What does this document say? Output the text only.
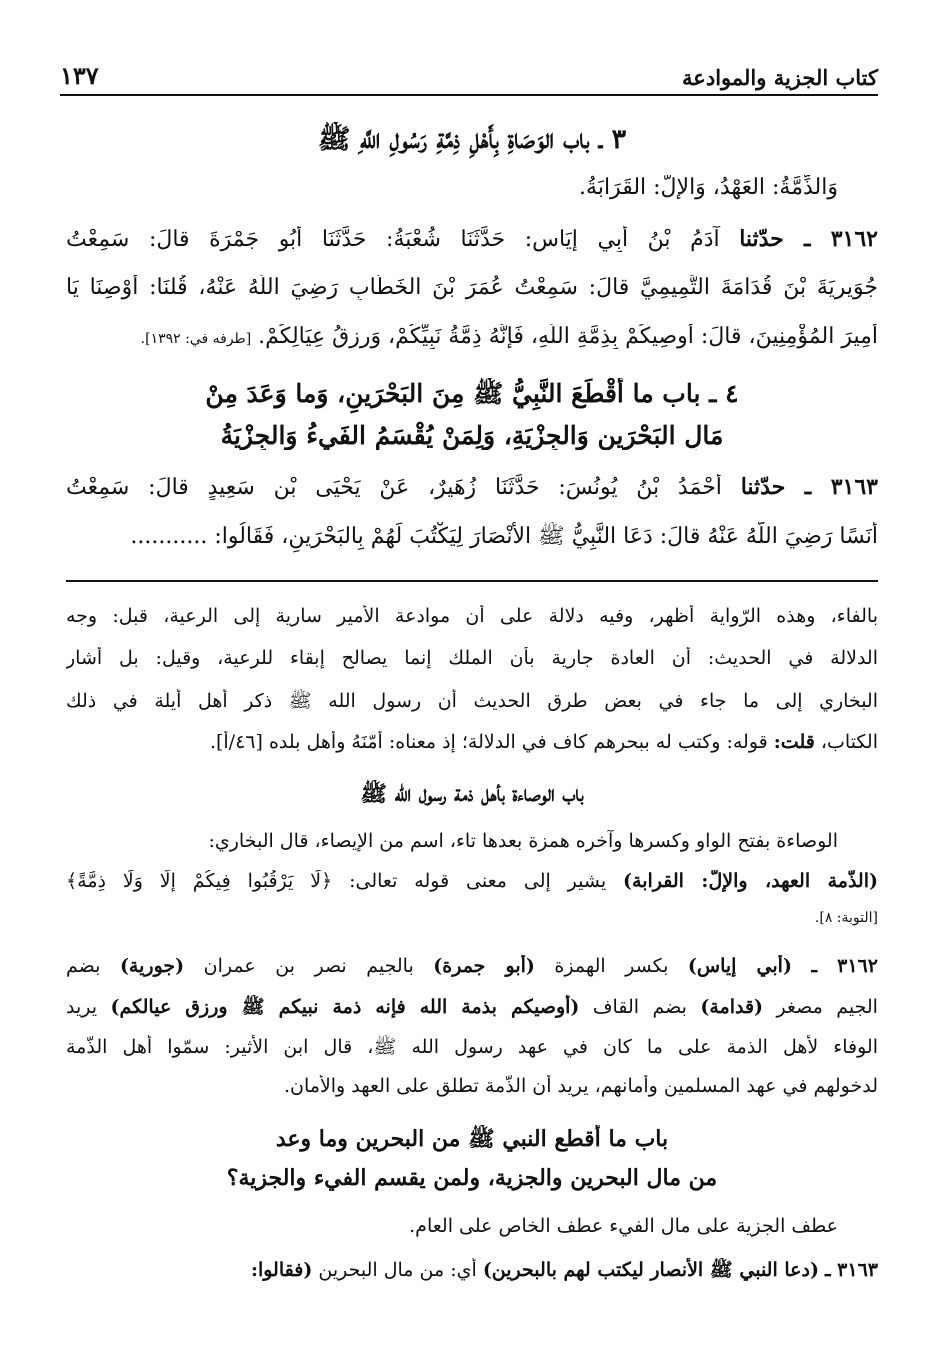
كتاب الجزية والموادعة
١٣٧
٣ ـ باب الوَصَاةِ بِأَهْلِ ذِمَّةِ رَسُولِ اللَّهِ ﷺ
وَالذِّمَّةُ: العَهْدُ، وَالإِلُّ: القَرَابَةُ.
٣١٦٢ ـ حدّثنا آدَمُ بْنُ أَبِي إِيَاسٍ: حَدَّثَنَا شُعْبَةُ: حَدَّثَنَا أَبُو جَمْرَةَ قالَ: سَمِعْتُ
جُوَيرِيَةَ بْنَ قُدَامَةَ التَّمِيمِيَّ قالَ: سَمِعْتُ عُمَرَ بْنَ الخَطَّابِ رَضِيَ اللَّهُ عَنْهُ، قُلنَا: أَوْصِنَا يَا
أَمِيرَ المُؤْمِنِينَ، قالَ: أُوصِيكُمْ بِذِمَّةِ اللَّهِ، فَإِنَّهُ ذِمَّةُ نَبِيِّكُمْ، وَرِزقُ عِيَالِكُمْ. [طرفه في: ١٣٩٢].
٤ ـ باب ما أَقْطَعَ النَّبِيُّ ﷺ مِنَ البَحْرَينِ، وَما وَعَدَ مِنْ
مَالِ البَحْرَينِ وَالجِزْيَةِ، وَلِمَنْ يُقْسَمُ الفَيءُ وَالجِزْيَةُ
٣١٦٣ ـ حدّثنا أَحْمَدُ بْنُ يُونُسَ: حَدَّثَنَا زُهَيرٌ، عَنْ يَحْيَى بْنِ سَعِيدٍ قالَ: سَمِعْتُ
أَنَسًا رَضِيَ اللَّهُ عَنْهُ قالَ: دَعَا النَّبِيُّ ﷺ الأَنْصَارَ لِيَكْتُبَ لَهُمْ بِالبَحْرَينِ، فَقَالُوا: ...........
بالفاء، وهذه الرّواية أظهر، وفيه دلالة على أن موادعة الأمير سارية إلى الرعية، قبل: وجه
الدلالة في الحديث: أن العادة جارية بأن الملك إنما يصالح إبقاء للرعية، وقيل: بل أشار
البخاري إلى ما جاء في بعض طرق الحديث أن رسول الله ﷺ ذكر أهل أيلة في ذلك
الكتاب، قلت: قوله: وكتب له ببحرهم كاف في الدلالة؛ إذ معناه: أمّنَهُ وأهل بلده [٤٦/أ].
باب الوصاءة بأهل ذمة رسول الله ﷺ
الوصاءة بفتح الواو وكسرها وآخره همزة بعدها تاء، اسم من الإيصاء، قال البخاري:
(الذّمة العهد، والإلُّ: القرابة) يشير إلى معنى قوله تعالى: ﴿لَا يَرْقُبُوا فِيكُمْ إِلًّا وَلَا ذِمَّةً﴾
[التوبة: ٨].
٣١٦٢ ـ (أبي إياس) بكسر الهمزة (أبو جمرة) بالجيم نصر بن عمران (جورية) بضم
الجيم مصغر (قدامة) بضم القاف (أوصيكم بذمة الله فإنه ذمة نبيكم ﷺ ورزق عيالكم) يريد
الوفاء لأهل الذمة على ما كان في عهد رسول الله ﷺ، قال ابن الأثير: سمّوا أهل الذّمة
لدخولهم في عهد المسلمين وأمانهم، يريد أن الذّمة تطلق على العهد والأمان.
باب ما أقطع النبي ﷺ من البحرين وما وعد
من مال البحرين والجزية، ولمن يقسم الفيء والجزية؟
عطف الجزية على مال الفيء عطف الخاص على العام.
٣١٦٣ ـ (دعا النبي ﷺ الأنصار ليكتب لهم بالبحرين) أي: من مال البحرين (فقالوا:
